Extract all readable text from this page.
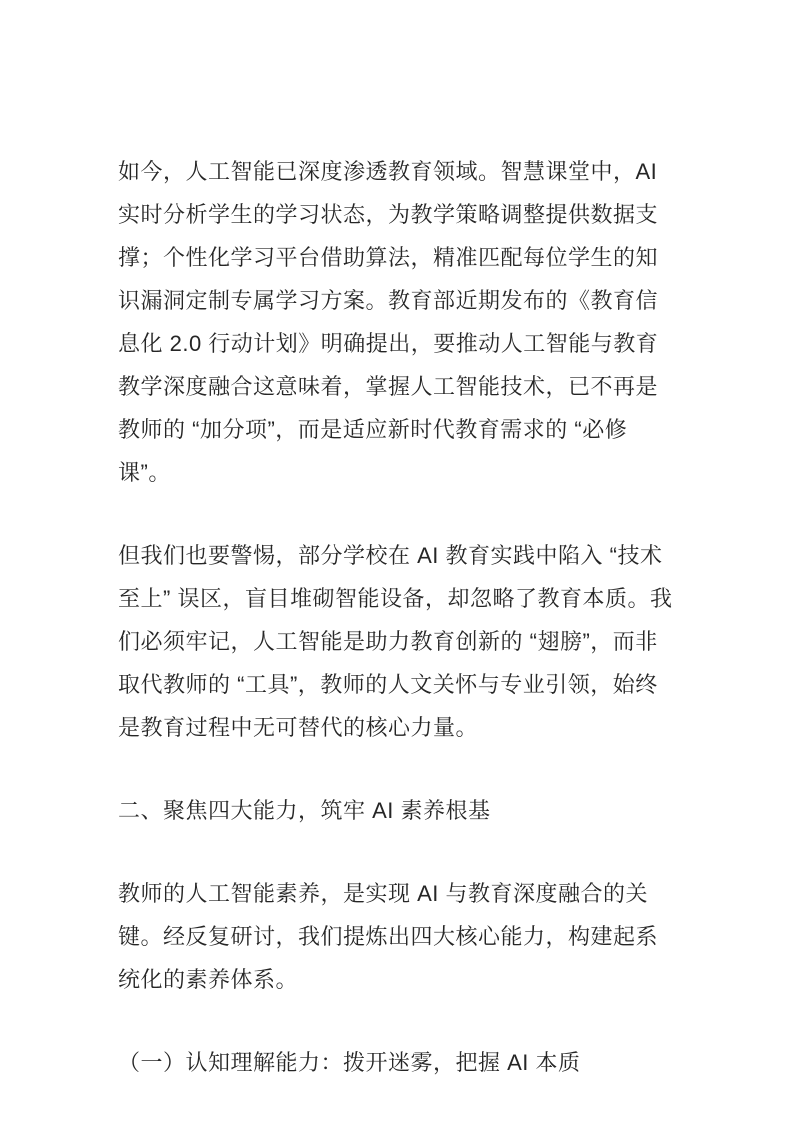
如今，人工智能已深度渗透教育领域。智慧课堂中，AI 实时分析学生的学习状态，为教学策略调整提供数据支撑；个性化学习平台借助算法，精准匹配每位学生的知识漏洞定制专属学习方案。教育部近期发布的《教育信息化 2.0 行动计划》明确提出，要推动人工智能与教育教学深度融合这意味着，掌握人工智能技术，已不再是教师的 “加分项”，而是适应新时代教育需求的 “必修课”。

但我们也要警惕，部分学校在 AI 教育实践中陷入 “技术至上” 误区，盲目堆砌智能设备，却忽略了教育本质。我们必须牢记，人工智能是助力教育创新的 “翅膀”，而非取代教师的 “工具”，教师的人文关怀与专业引领，始终是教育过程中无可替代的核心力量。

二、聚焦四大能力，筑牢 AI 素养根基

教师的人工智能素养，是实现 AI 与教育深度融合的关键。经反复研讨，我们提炼出四大核心能力，构建起系统化的素养体系。

（一）认知理解能力：拨开迷雾，把握 AI 本质
